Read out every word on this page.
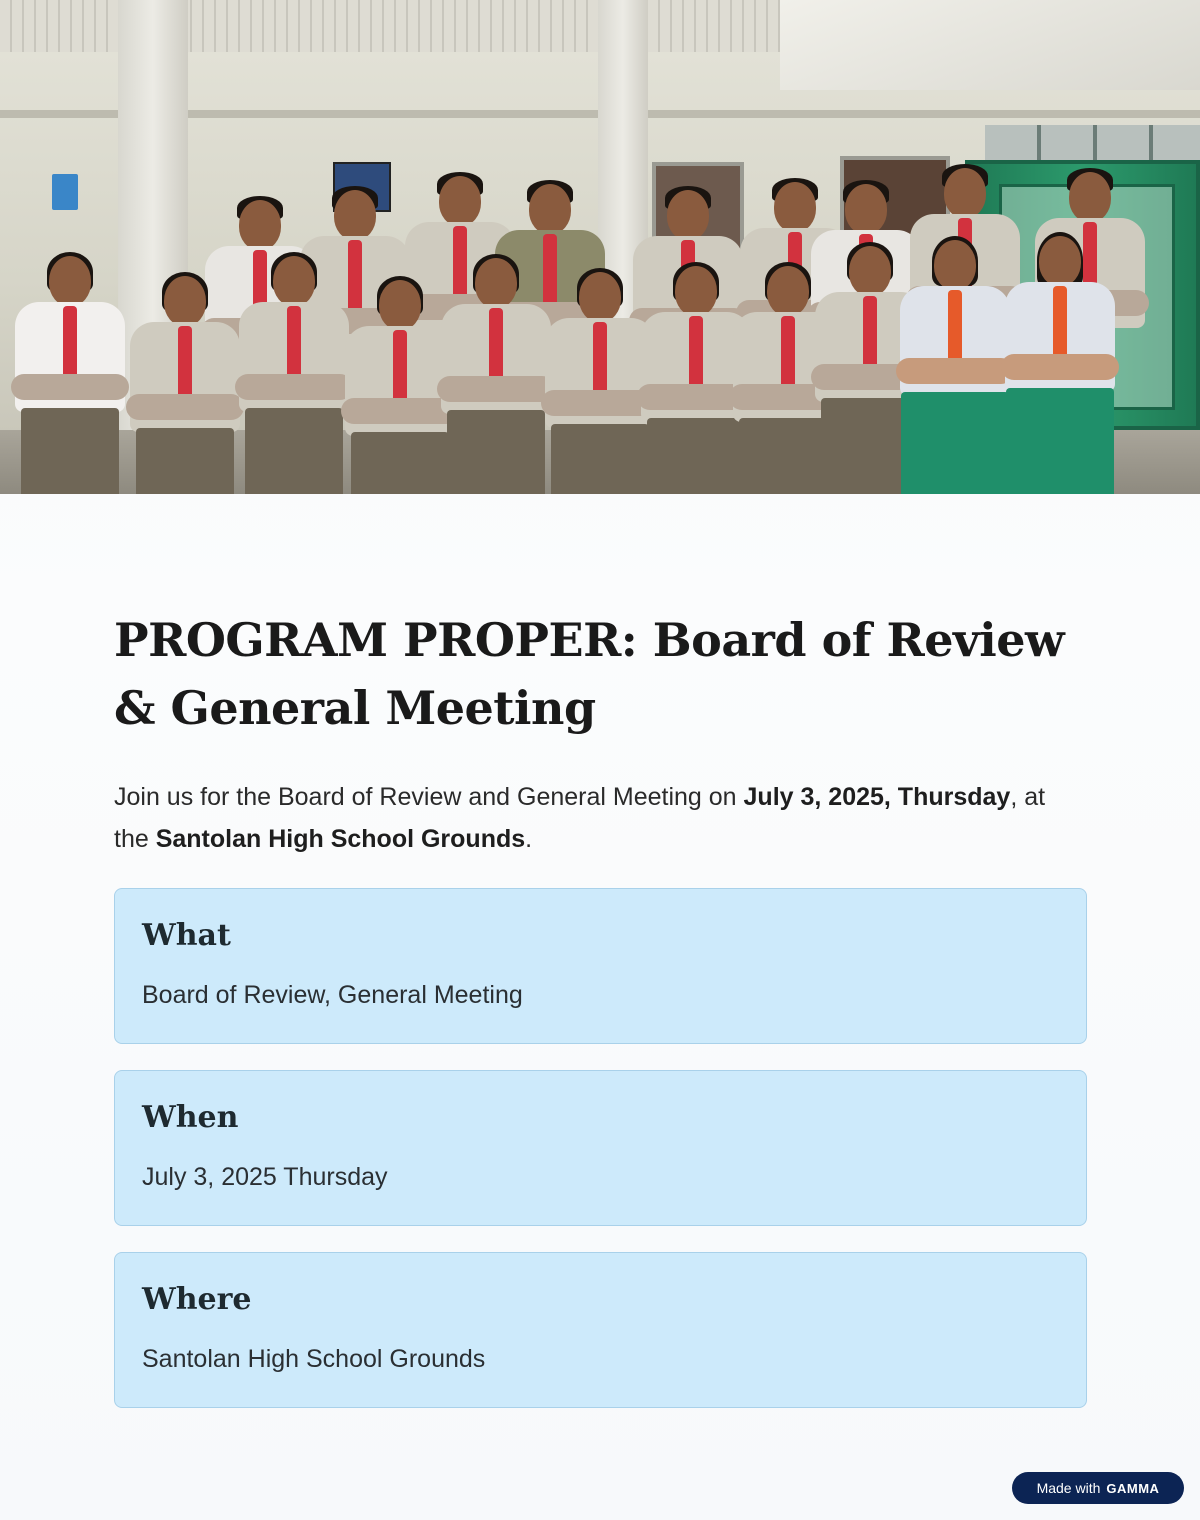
PROGRAM PROPER: Board of Review & General Meeting

Join us for the Board of Review and General Meeting on July 3, 2025, Thursday, at the Santolan High School Grounds.

What
Board of Review, General Meeting
When
July 3, 2025 Thursday
Where
Santolan High School Grounds
Made with GAMMA
